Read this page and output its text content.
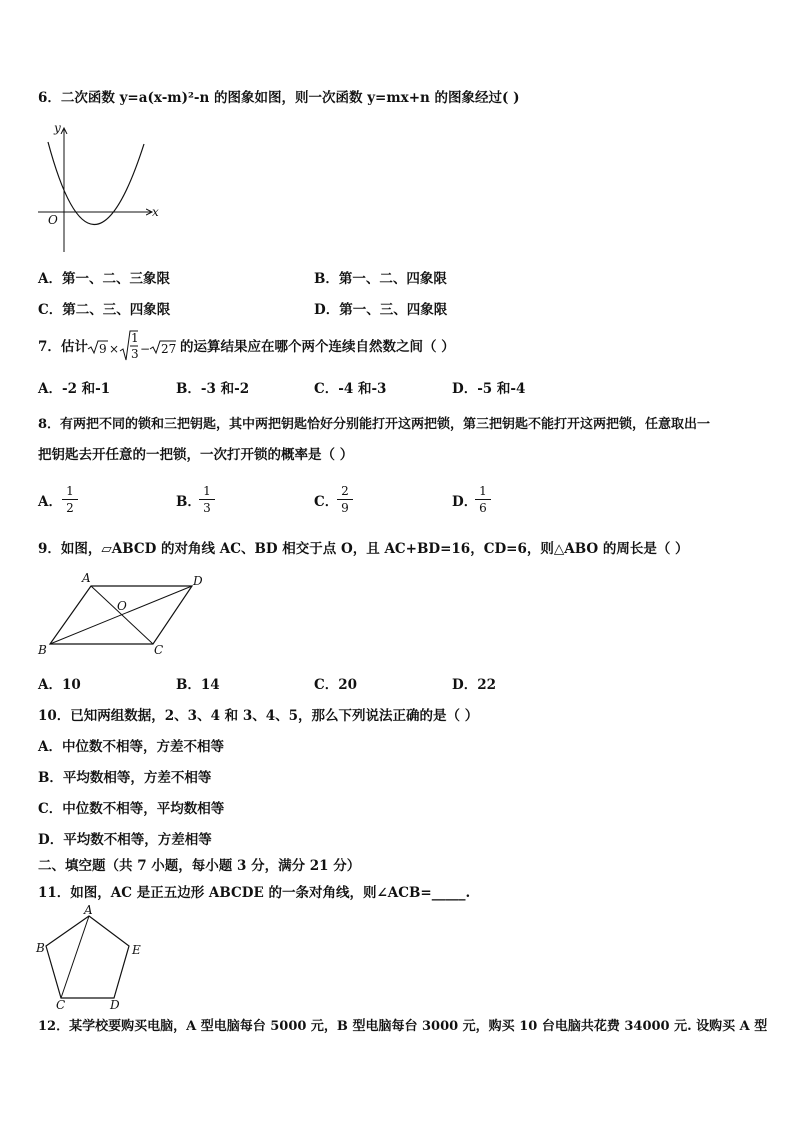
6．二次函数 y=a(x-m)²-n 的图象如图，则一次函数 y=mx+n 的图象经过( )
y
x
O
A．第一、二、三象限	B．第一、二、四象限
C．第二、三、四象限	D．第一、三、四象限
7．估计 9 ×
1
3 − 27 的运算结果应在哪个两个连续自然数之间（ ）
A．-2 和-1	B．-3 和-2	C．-4 和-3	D．-5 和-4
8．有两把不同的锁和三把钥匙，其中两把钥匙恰好分别能打开这两把锁，第三把钥匙不能打开这两把锁，任意取出一
把钥匙去开任意的一把锁，一次打开锁的概率是（ ）
A．
1
2	B．
1
3	C．
2
9	D．
1
6
9．如图，▱ABCD 的对角线 AC、BD 相交于点 O，且 AC+BD=16，CD=6，则△ABO 的周长是（ ）
A	D
B	C
O
A．10	B．14	C．20	D．22
10．已知两组数据，2、3、4 和 3、4、5，那么下列说法正确的是（ ）
A．中位数不相等，方差不相等
B．平均数相等，方差不相等
C．中位数不相等，平均数相等
D．平均数不相等，方差相等
二、填空题（共 7 小题，每小题 3 分，满分 21 分）
11．如图，AC 是正五边形 ABCDE 的一条对角线，则∠ACB=_____.
A
B	E
C	D
12．某学校要购买电脑，A 型电脑每台 5000 元，B 型电脑每台 3000 元，购买 10 台电脑共花费 34000 元. 设购买 A 型
